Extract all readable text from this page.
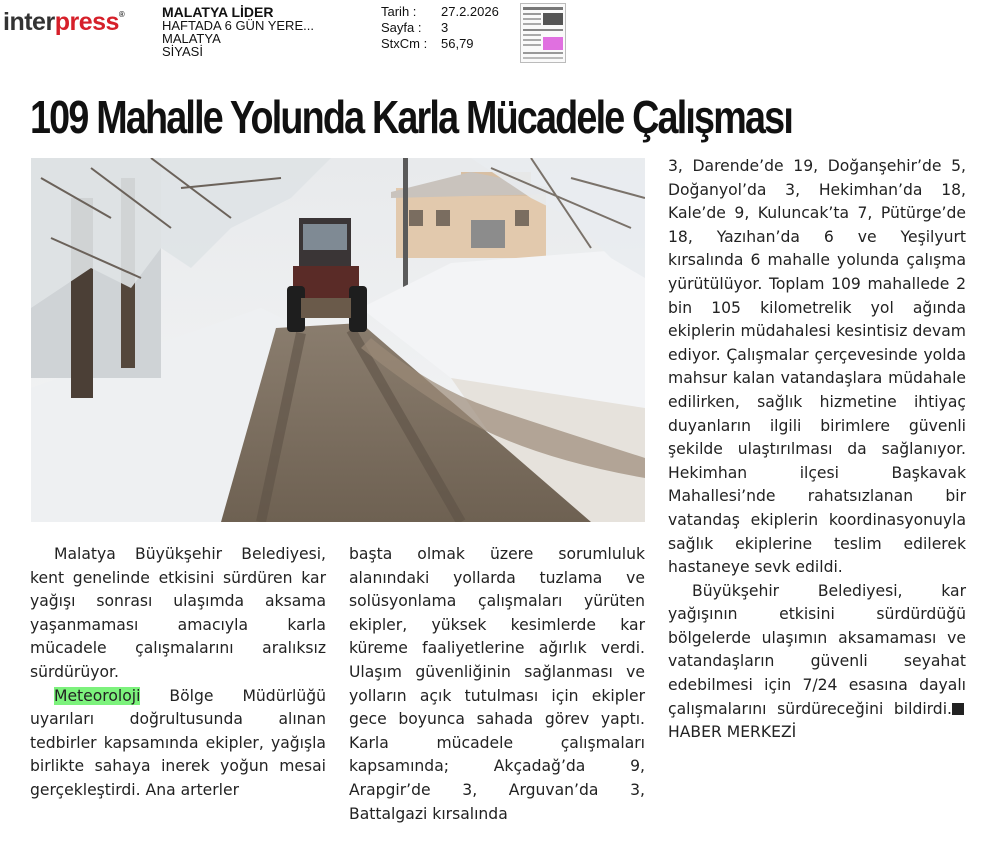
interpress®	MALATYA LİDER
HAFTADA 6 GÜN YERE...
MALATYA
SİYASİ
Tarih :	27.2.2026
Sayfa :	3
StxCm :	56,79
109 Mahalle Yolunda Karla Mücadele Çalışması

Malatya Büyükşehir Belediyesi, kent genelinde etkisini sürdüren kar yağışı sonrası ulaşımda aksama yaşanmaması amacıyla karla mücadele çalışmalarını aralıksız sürdürüyor.

Meteoroloji Bölge Müdürlüğü uyarıları doğrultusunda alınan tedbirler kapsamında ekipler, yağışla birlikte sahaya inerek yoğun mesai gerçekleştirdi. Ana arterler

başta olmak üzere sorumluluk alanındaki yollarda tuzlama ve solüsyonlama çalışmaları yürüten ekipler, yüksek kesimlerde kar küreme faaliyetlerine ağırlık verdi. Ulaşım güvenliğinin sağlanması ve yolların açık tutulması için ekipler gece boyunca sahada görev yaptı. Karla mücadele çalışmaları kapsamında; Akçadağ’da 9, Arapgir’de 3, Arguvan’da 3, Battalgazi kırsalında

3, Darende’de 19, Doğanşehir’de 5, Doğanyol’da 3, Hekimhan’da 18, Kale’de 9, Kuluncak’ta 7, Pütürge’de 18, Yazıhan’da 6 ve Yeşilyurt kırsalında 6 mahalle yolunda çalışma yürütülüyor. Toplam 109 mahallede 2 bin 105 kilometrelik yol ağında ekiplerin müdahalesi kesintisiz devam ediyor. Çalışmalar çerçevesinde yolda mahsur kalan vatandaşlara müdahale edilirken, sağlık hizmetine ihtiyaç duyanların ilgili birimlere güvenli şekilde ulaştırılması da sağlanıyor. Hekimhan ilçesi Başkavak Mahallesi’nde rahatsızlanan bir vatandaş ekiplerin koordinasyonuyla sağlık ekiplerine teslim edilerek hastaneye sevk edildi.

Büyükşehir Belediyesi, kar yağışının etkisini sürdürdüğü bölgelerde ulaşımın aksamaması ve vatandaşların güvenli seyahat edebilmesi için 7/24 esasına dayalı çalışmalarını sürdüreceğini bildirdi.HABER MERKEZİ
